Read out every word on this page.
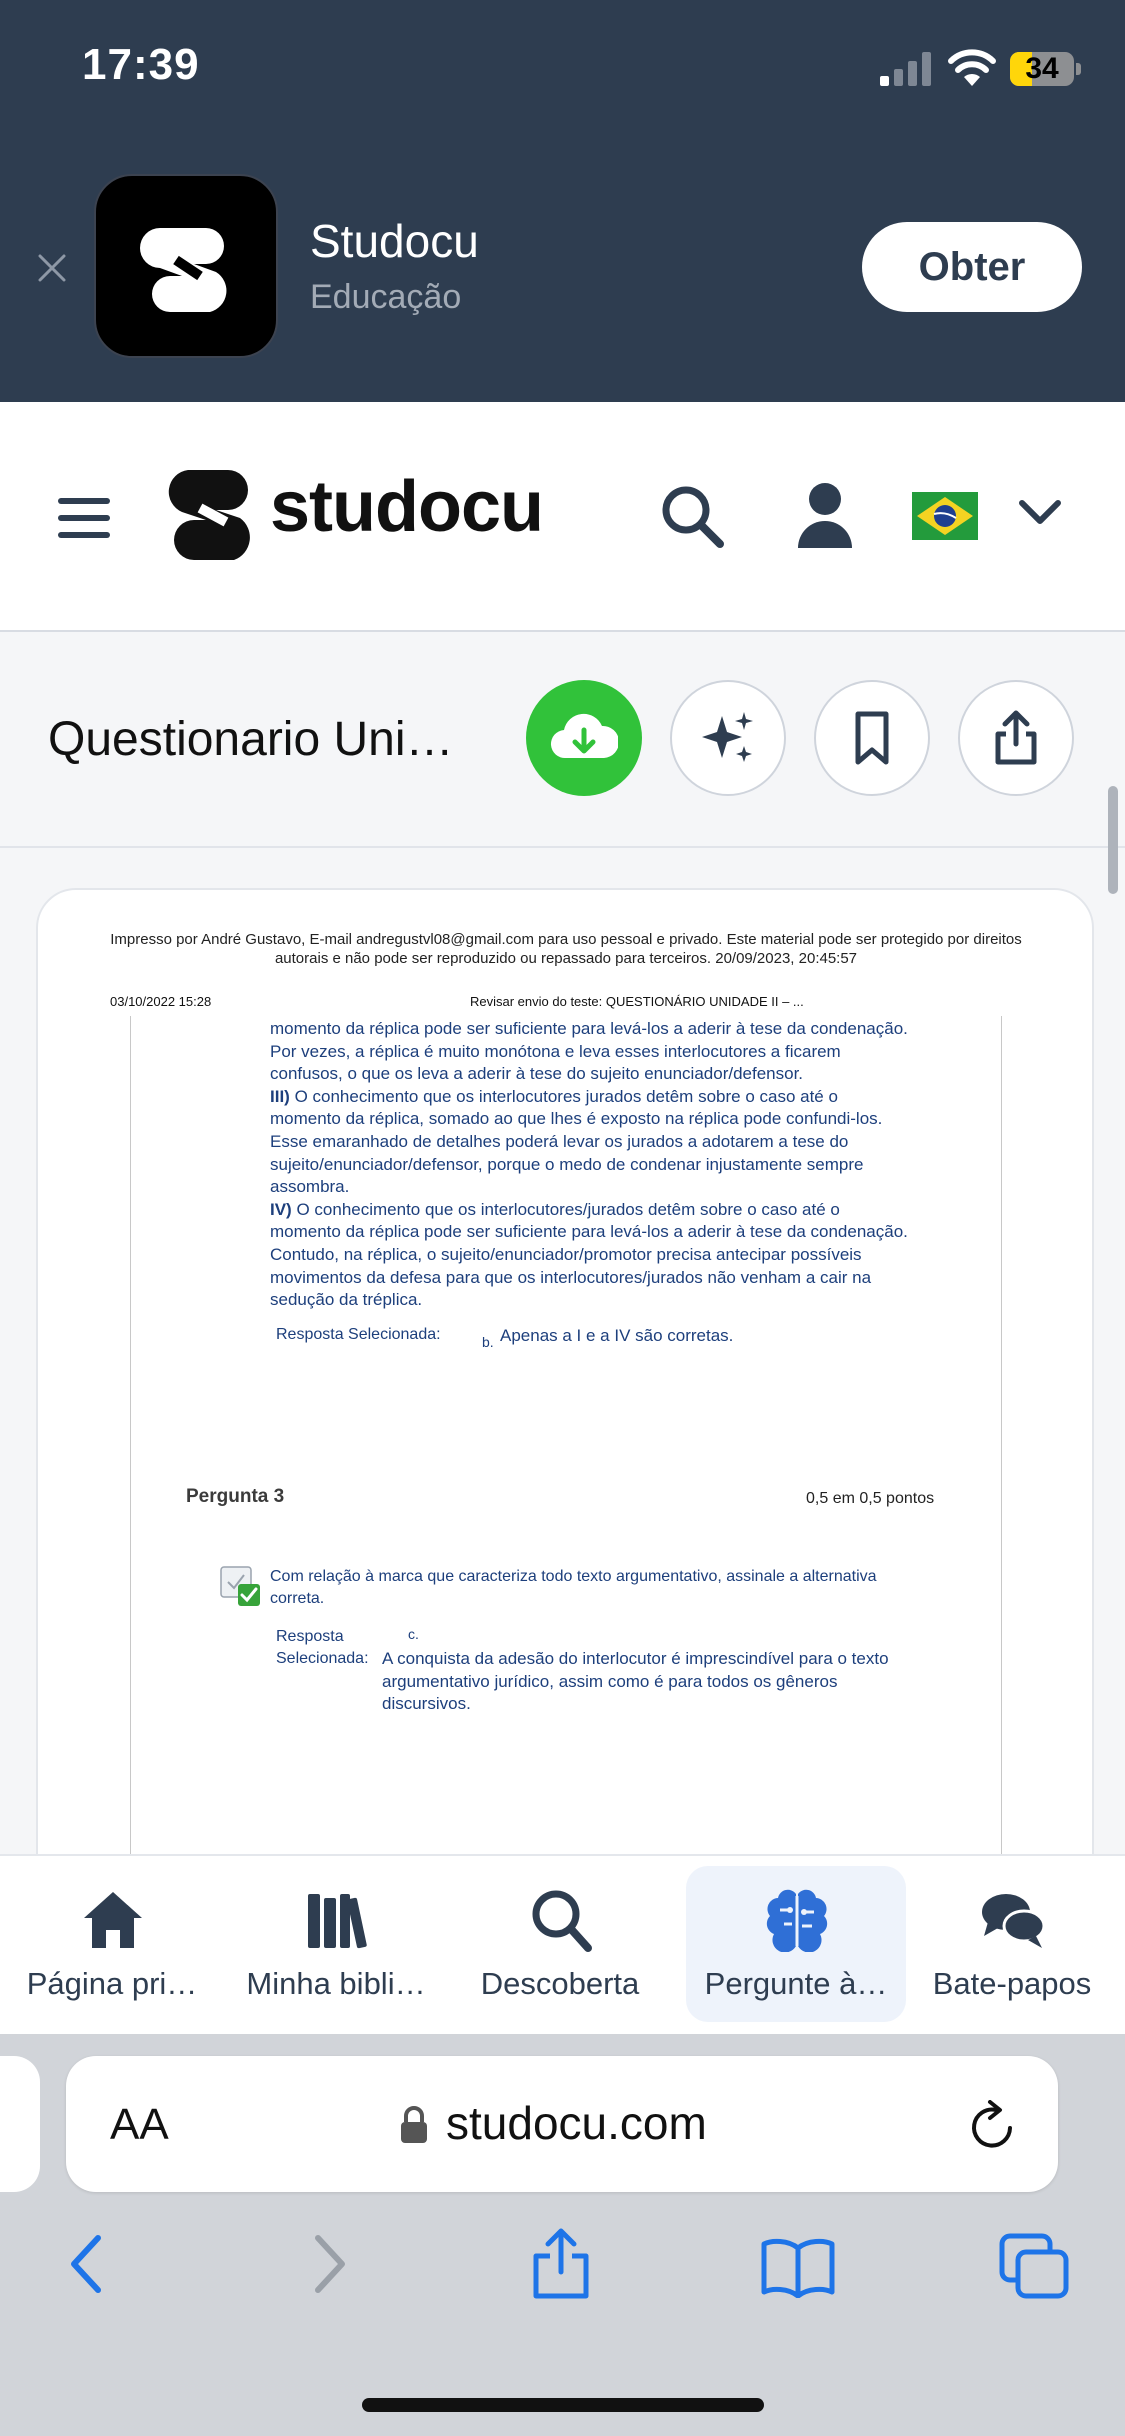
17:39	34
Studocu
Educação
Obter
studocu
Questionario Uni…
Impresso por André Gustavo, E-mail andregustvl08@gmail.com para uso pessoal e privado. Este material pode ser protegido por direitos autorais e não pode ser reproduzido ou repassado para terceiros. 20/09/2023, 20:45:57
03/10/2022 15:28	Revisar envio do teste: QUESTIONÁRIO UNIDADE II – ...

momento da réplica pode ser suficiente para levá-los a aderir à tese da condenação. Por vezes, a réplica é muito monótona e leva esses interlocutores a ficarem confusos, o que os leva a aderir à tese do sujeito enunciador/defensor.

III) O conhecimento que os interlocutores jurados detêm sobre o caso até o momento da réplica, somado ao que lhes é exposto na réplica pode confundi-los. Esse emaranhado de detalhes poderá levar os jurados a adotarem a tese do sujeito/enunciador/defensor, porque o medo de condenar injustamente sempre assombra.

IV) O conhecimento que os interlocutores/jurados detêm sobre o caso até o momento da réplica pode ser suficiente para levá-los a aderir à tese da condenação. Contudo, na réplica, o sujeito/enunciador/promotor precisa antecipar possíveis movimentos da defesa para que os interlocutores/jurados não venham a cair na sedução da tréplica.

Resposta Selecionada:	b. Apenas a I e a IV são corretas.
Pergunta 3	0,5 em 0,5 pontos
Com relação à marca que caracteriza todo texto argumentativo, assinale a alternativa correta.
Resposta Selecionada:
c.
A conquista da adesão do interlocutor é imprescindível para o texto argumentativo jurídico, assim como é para todos os gêneros discursivos.
Página pri…	Minha bibli…	Descoberta	Pergunte à…	Bate-papos
AA	studocu.com
